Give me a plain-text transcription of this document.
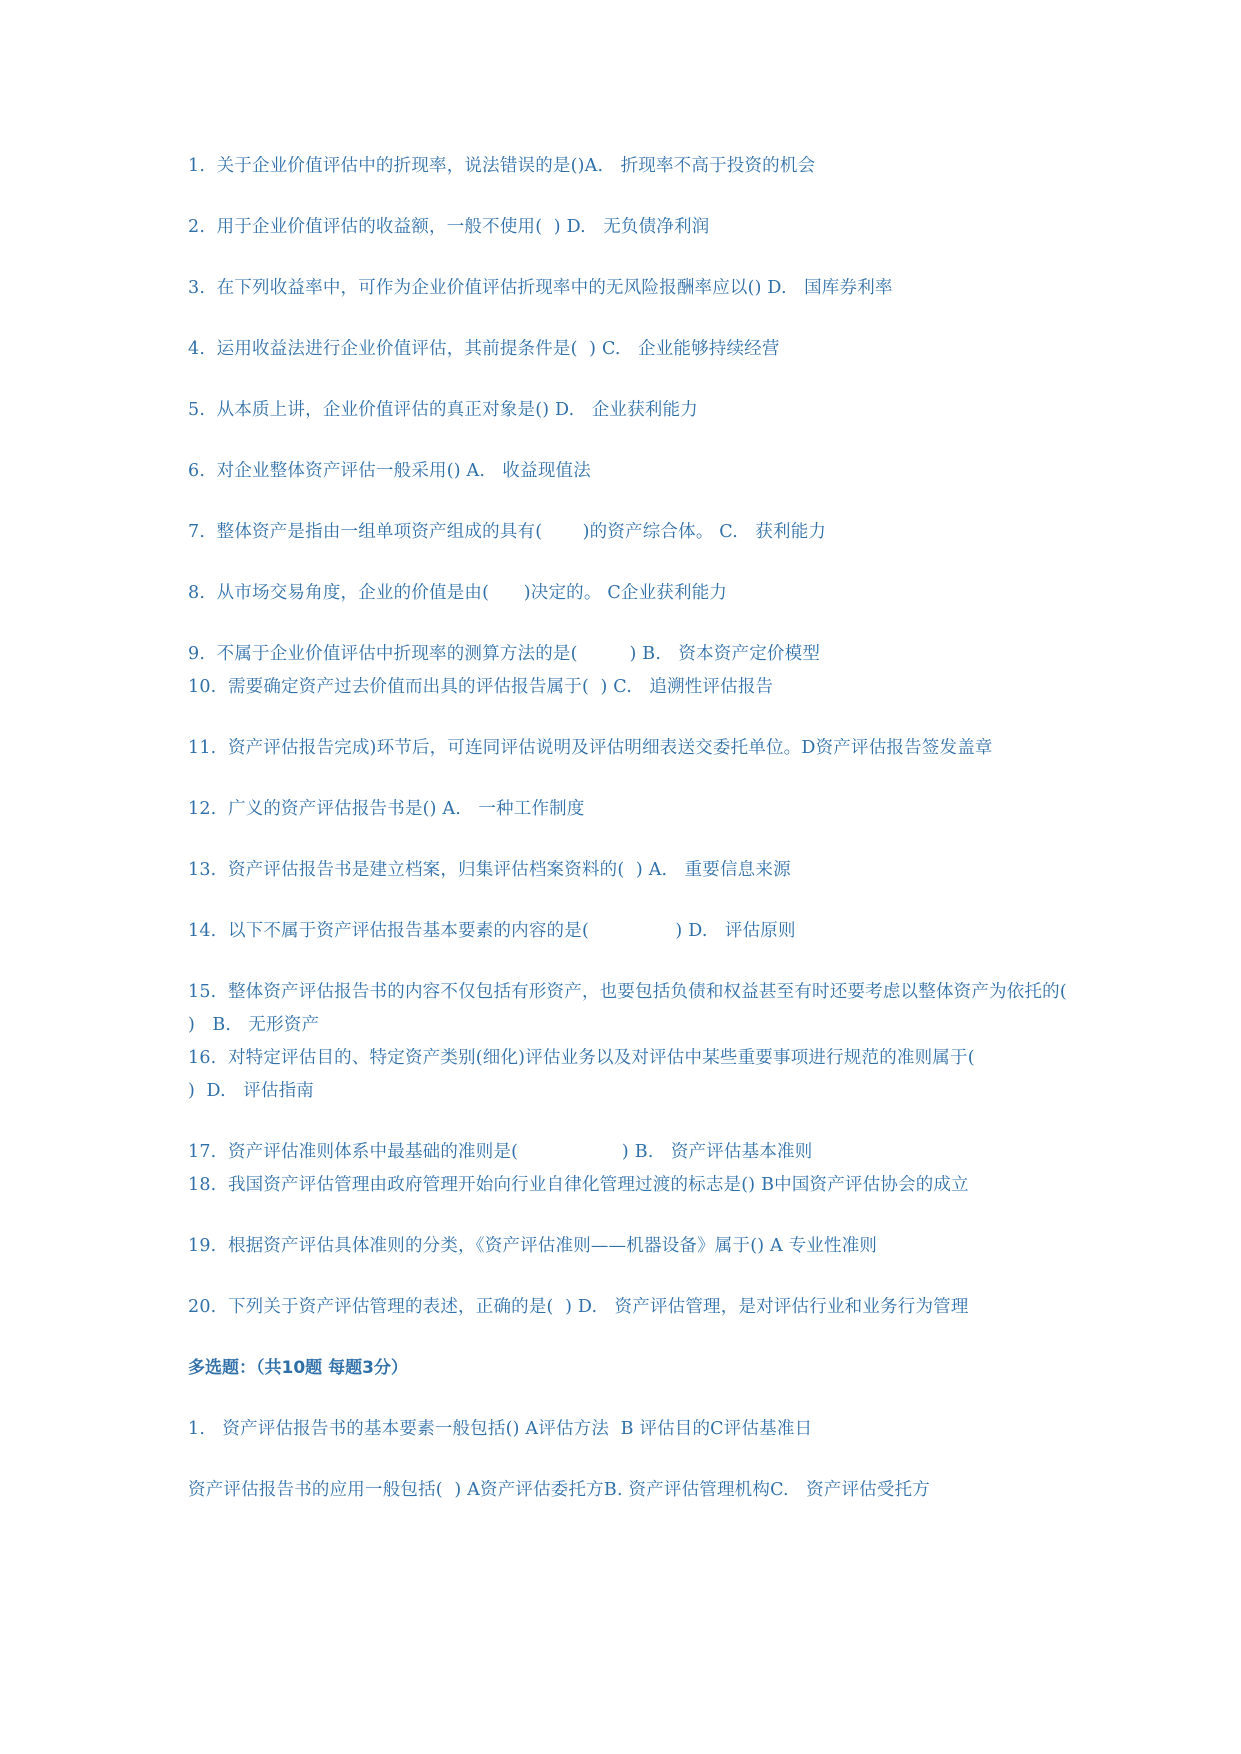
1.  关于企业价值评估中的折现率，说法错误的是()A.   折现率不高于投资的机会
2.  用于企业价值评估的收益额，一般不使用(  ) D.   无负债净利润
3.  在下列收益率中，可作为企业价值评估折现率中的无风险报酬率应以() D.   国库券利率
4.  运用收益法进行企业价值评估，其前提条件是(  ) C.   企业能够持续经营
5.  从本质上讲，企业价值评估的真正对象是() D.   企业获利能力
6.  对企业整体资产评估一般采用() A.   收益现值法
7.  整体资产是指由一组单项资产组成的具有(       )的资产综合体。 C.   获利能力
8.  从市场交易角度，企业的价值是由(      )决定的。 C企业获利能力
9.  不属于企业价值评估中折现率的测算方法的是(         ) B.   资本资产定价模型
10.  需要确定资产过去价值而出具的评估报告属于(  ) C.   追溯性评估报告
11.  资产评估报告完成)环节后，可连同评估说明及评估明细表送交委托单位。D资产评估报告签发盖章
12.  广义的资产评估报告书是() A.   一种工作制度
13.  资产评估报告书是建立档案，归集评估档案资料的(  ) A.   重要信息来源
14.  以下不属于资产评估报告基本要素的内容的是(               ) D.   评估原则
15.  整体资产评估报告书的内容不仅包括有形资产，也要包括负债和权益甚至有时还要考虑以整体资产为依托的(             )   B.   无形资产
16.  对特定评估目的、特定资产类别(细化)评估业务以及对评估中某些重要事项进行规范的准则属于(               )  D.   评估指南
17.  资产评估准则体系中最基础的准则是(                  ) B.   资产评估基本准则
18.  我国资产评估管理由政府管理开始向行业自律化管理过渡的标志是() B中国资产评估协会的成立
19.  根据资产评估具体准则的分类，《资产评估准则——机器设备》属于() A 专业性准则
20.  下列关于资产评估管理的表述，正确的是(  ) D.   资产评估管理，是对评估行业和业务行为管理
多选题：（共10题 每题3分）
1.   资产评估报告书的基本要素一般包括() A评估方法  B 评估目的C评估基准日
资产评估报告书的应用一般包括(  ) A资产评估委托方B. 资产评估管理机构C.   资产评估受托方
